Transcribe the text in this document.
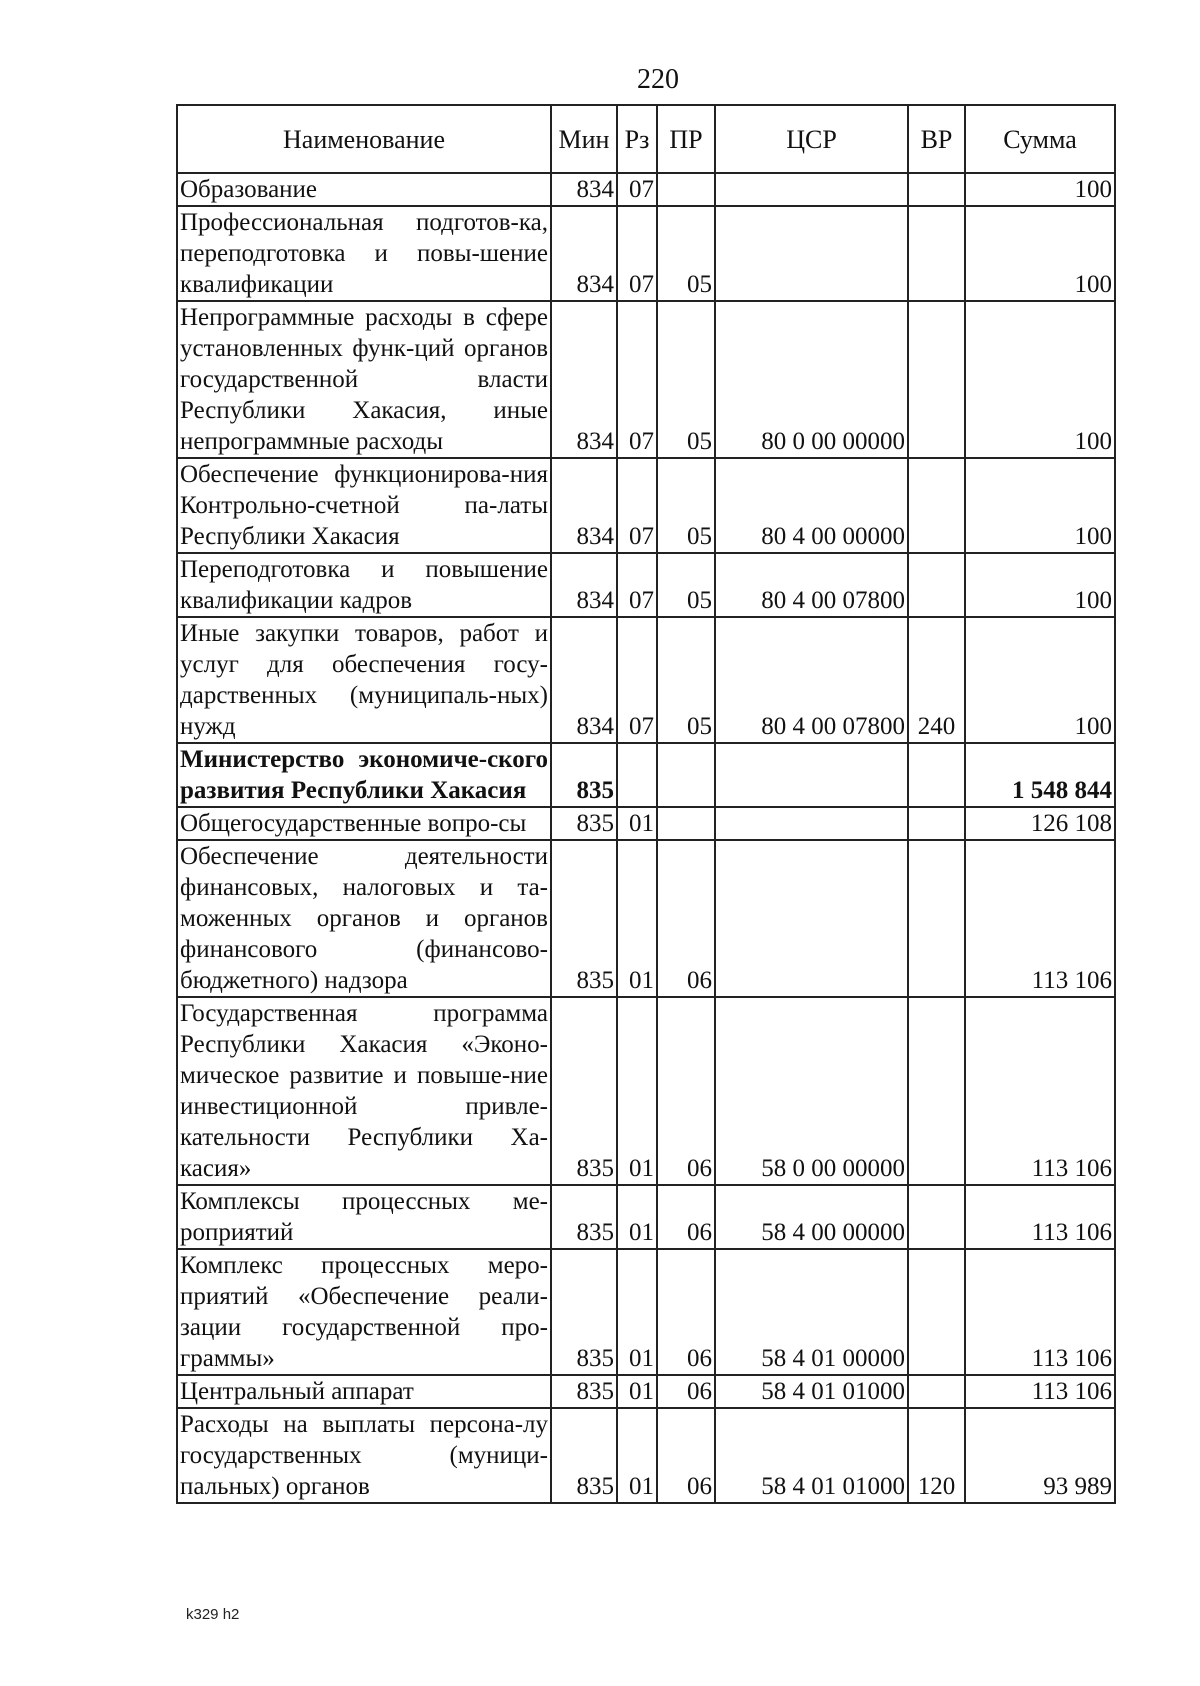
220
Наименование	Мин	Рз	ПР	ЦСР	ВР	Сумма
Образование	834	07				100
Профессиональная подготов-ка, переподготовка и повы-шение квалификации	834	07	05			100
Непрограммные расходы в сфере установленных функ-ций органов государственной власти Республики Хакасия, иные непрограммные расходы	834	07	05	80 0 00 00000		100
Обеспечение функционирова-ния Контрольно-счетной па-латы Республики Хакасия	834	07	05	80 4 00 00000		100
Переподготовка и повышение квалификации кадров	834	07	05	80 4 00 07800		100
Иные закупки товаров, работ и услуг для обеспечения госу-дарственных (муниципаль-ных) нужд	834	07	05	80 4 00 07800	240	100
Министерство экономиче-ского развития Республики Хакасия	835					1 548 844
Общегосударственные вопро-сы	835	01				126 108
Обеспечение деятельности финансовых, налоговых и та-моженных органов и органов финансового (финансово-бюджетного) надзора	835	01	06			113 106
Государственная программа Республики Хакасия «Эконо-мическое развитие и повыше-ние инвестиционной привле-кательности Республики Ха-касия»	835	01	06	58 0 00 00000		113 106
Комплексы процессных ме-роприятий	835	01	06	58 4 00 00000		113 106
Комплекс процессных меро-приятий «Обеспечение реали-зации государственной про-граммы»	835	01	06	58 4 01 00000		113 106
Центральный аппарат	835	01	06	58 4 01 01000		113 106
Расходы на выплаты персона-лу государственных (муници-пальных) органов	835	01	06	58 4 01 01000	120	93 989
k329 h2
